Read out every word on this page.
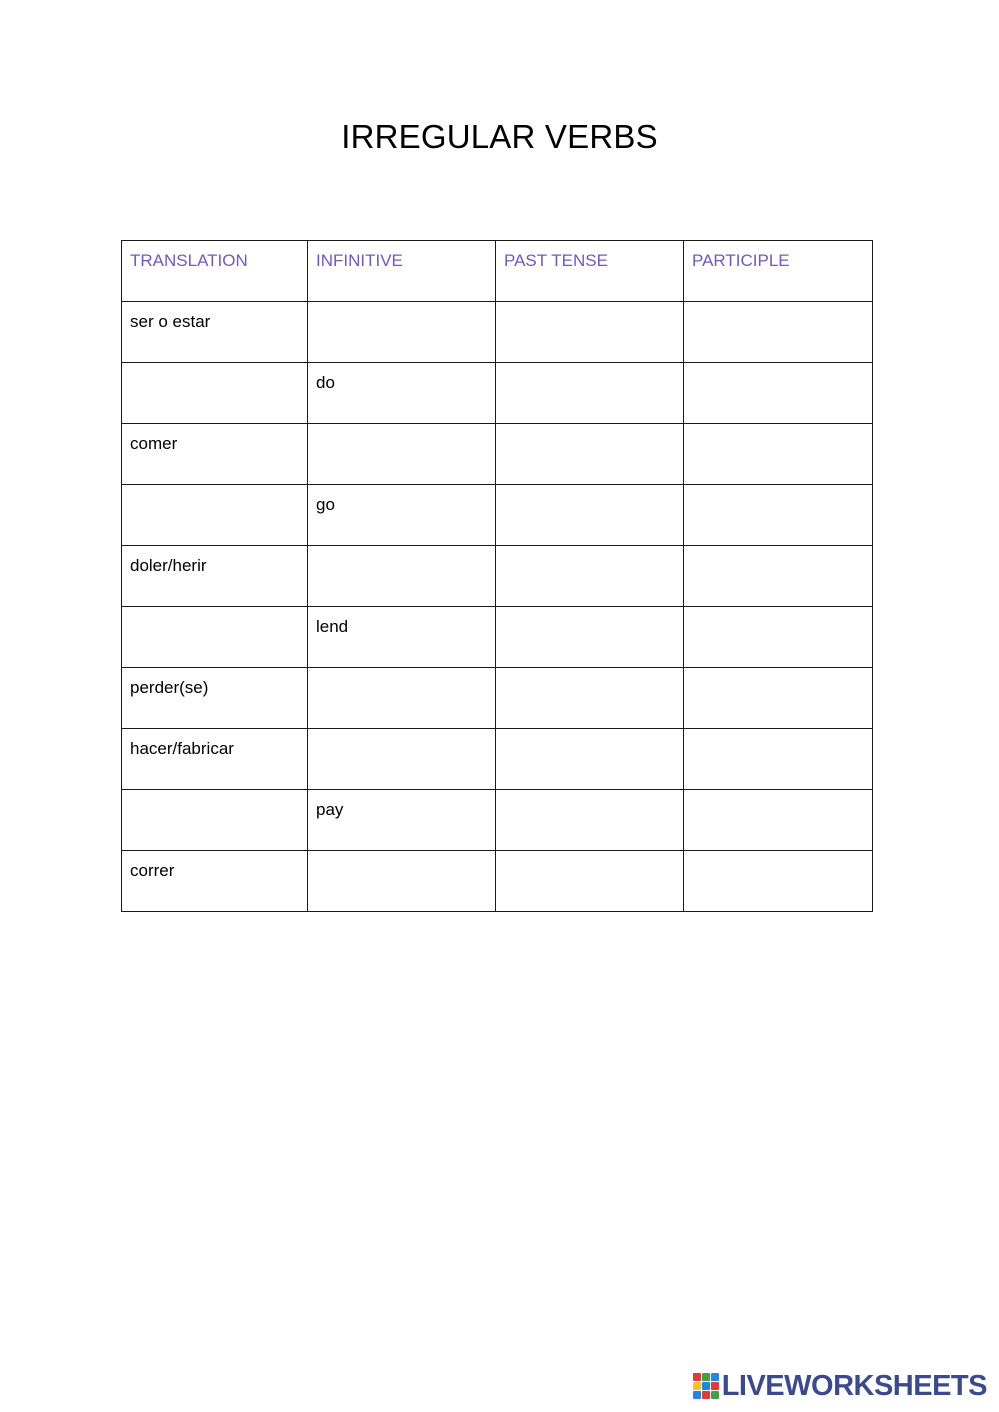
IRREGULAR VERBS
TRANSLATION	INFINITIVE	PAST TENSE	PARTICIPLE
ser o estar			
	do		
comer			
	go		
doler/herir			
	lend		
perder(se)			
hacer/fabricar			
	pay		
correr			
LIVEWORKSHEETS
